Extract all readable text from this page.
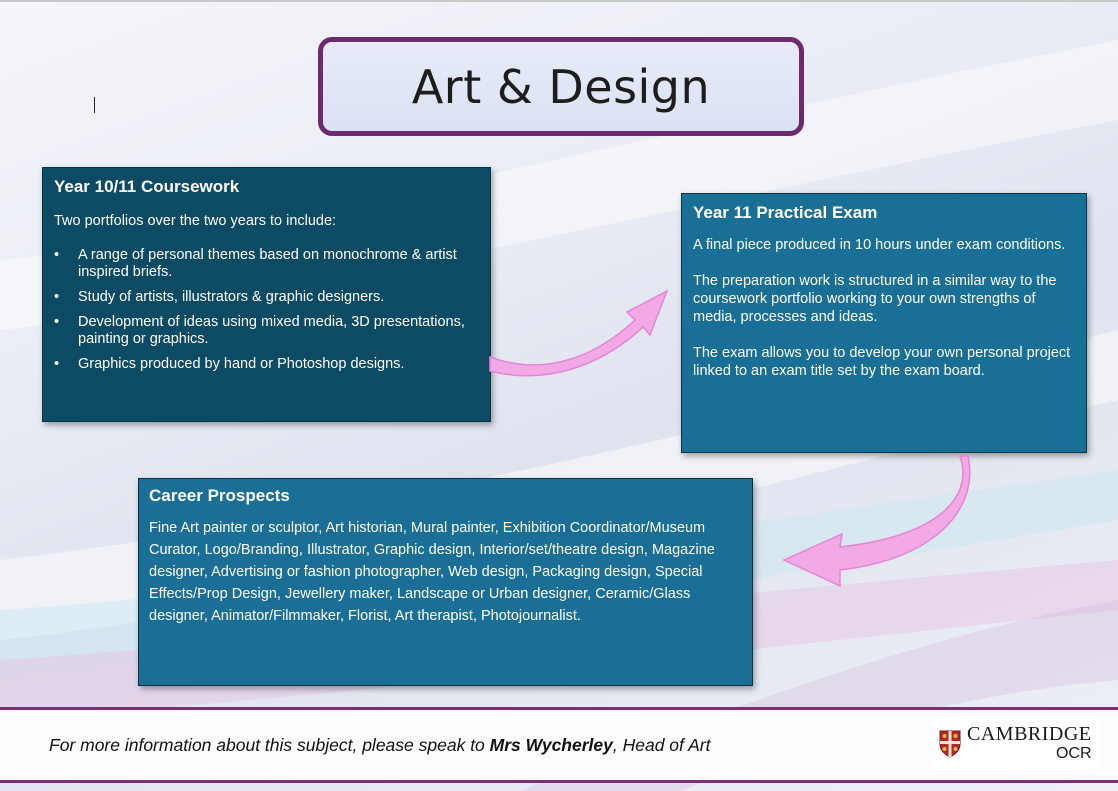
Art & Design
Year 10/11 Coursework

Two portfolios over the two years to include:

• A range of personal themes based on monochrome & artist inspired briefs.
• Study of artists, illustrators & graphic designers.
• Development of ideas using mixed media, 3D presentations, painting or graphics.
• Graphics produced by hand or Photoshop designs.
Year 11 Practical Exam

A final piece produced in 10 hours under exam conditions.

The preparation work is structured in a similar way to the coursework portfolio working to your own strengths of media, processes and ideas.

The exam allows you to develop your own personal project linked to an exam title set by the exam board.

Career Prospects

Fine Art painter or sculptor, Art historian, Mural painter, Exhibition Coordinator/Museum Curator, Logo/Branding, Illustrator, Graphic design, Interior/set/theatre design, Magazine designer, Advertising or fashion photographer, Web design, Packaging design, Special Effects/Prop Design, Jewellery maker, Landscape or Urban designer, Ceramic/Glass designer, Animator/Filmmaker, Florist, Art therapist, Photojournalist.

For more information about this subject, please speak to Mrs Wycherley, Head of Art	CAMBRIDGE
OCR
